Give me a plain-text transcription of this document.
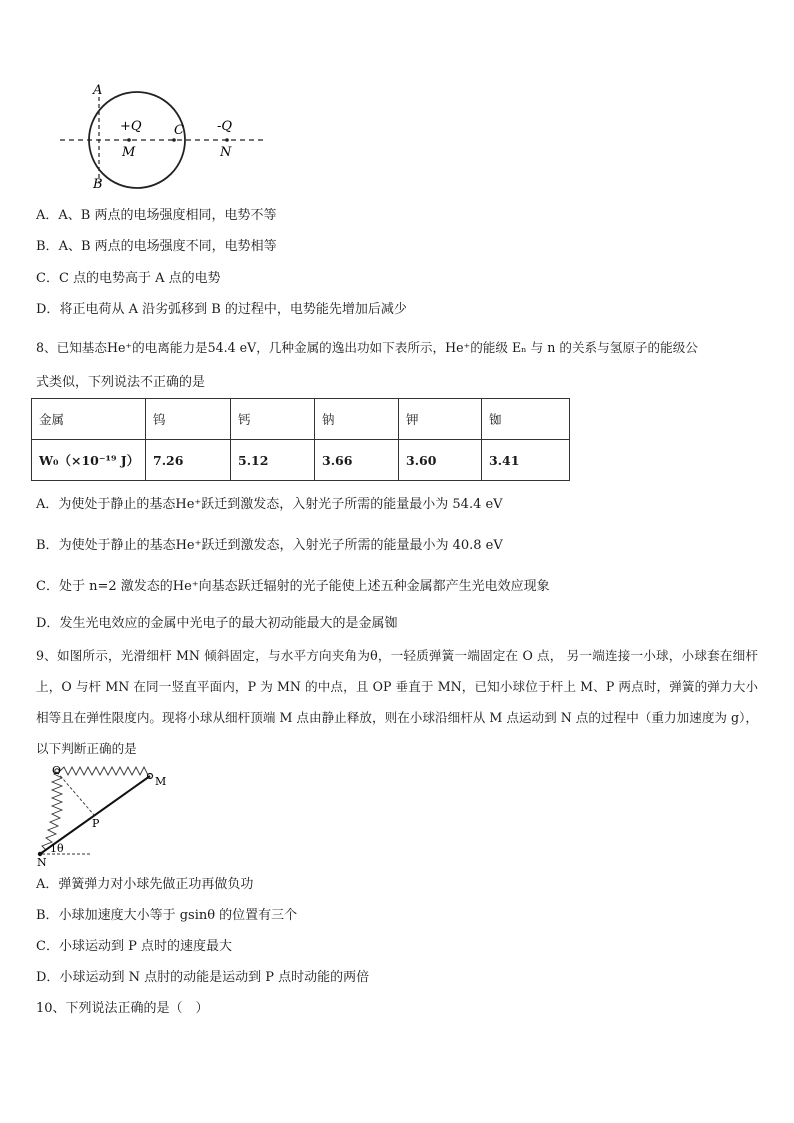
A
B
C
+Q
M
-Q
N
A．A、B 两点的电场强度相同，电势不等
B．A、B 两点的电场强度不同，电势相等
C．C 点的电势高于 A 点的电势
D．将正电荷从 A 沿劣弧移到 B 的过程中，电势能先增加后减少
8、已知基态He⁺的电离能力是54.4 eV，几种金属的逸出功如下表所示，He⁺的能级 Eₙ 与 n 的关系与氢原子的能级公
式类似，下列说法不正确的是
金属	钨	钙	钠	钾	铷
W₀（×10⁻¹⁹ J）	7.26	5.12	3.66	3.60	3.41
A．为使处于静止的基态He⁺跃迁到激发态，入射光子所需的能量最小为 54.4 eV
B．为使处于静止的基态He⁺跃迁到激发态，入射光子所需的能量最小为 40.8 eV
C．处于 n=2 激发态的He⁺向基态跃迁辐射的光子能使上述五种金属都产生光电效应现象
D．发生光电效应的金属中光电子的最大初动能最大的是金属铷
9、如图所示，光滑细杆 MN 倾斜固定，与水平方向夹角为θ，一轻质弹簧一端固定在 O 点， 另一端连接一小球，小球套在细杆上，O 与杆 MN 在同一竖直平面内，P 为 MN 的中点，且 OP 垂直于 MN，已知小球位于杆上 M、P 两点时，弹簧的弹力大小相等且在弹性限度内。现将小球从细杆顶端 M 点由静止释放，则在小球沿细杆从 M 点运动到 N 点的过程中（重力加速度为 g），以下判断正确的是
O
M
P
N
1θ
A．弹簧弹力对小球先做正功再做负功
B．小球加速度大小等于 gsinθ 的位置有三个
C．小球运动到 P 点时的速度最大
D．小球运动到 N 点肘的动能是运动到 P 点时动能的两倍
10、下列说法正确的是（　）
